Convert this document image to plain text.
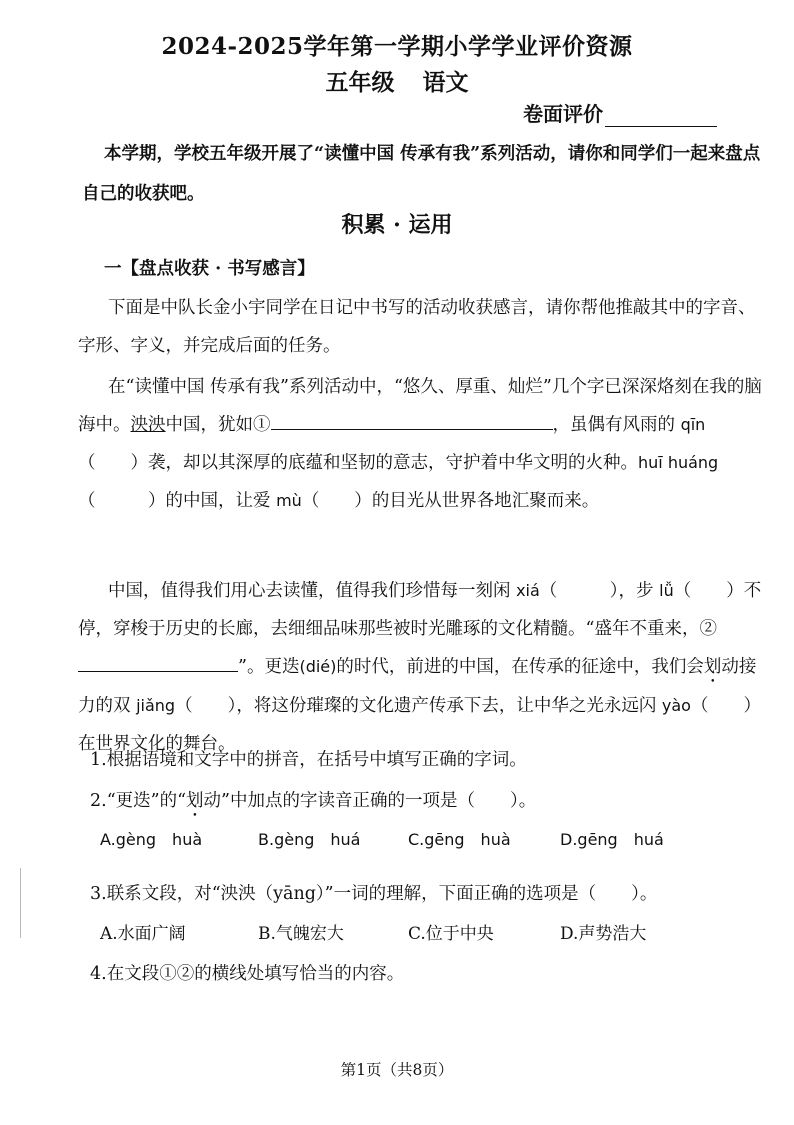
2024-2025学年第一学期小学学业评价资源
五年级 语文
卷面评价
本学期，学校五年级开展了“读懂中国 传承有我”系列活动，请你和同学们一起来盘点自己的收获吧。
积累 · 运用
一【盘点收获 · 书写感言】
下面是中队长金小宇同学在日记中书写的活动收获感言，请你帮他推敲其中的字音、字形、字义，并完成后面的任务。
在“读懂中国 传承有我”系列活动中，“悠久、厚重、灿烂”几个字已深深烙刻在我的脑海中。泱泱中国，犹如①	，虽偶有风雨的 qīn（　　）袭，却以其深厚的底蕴和坚韧的意志，守护着中华文明的火种。huī huáng（　　　）的中国，让爱 mù（　　）的目光从世界各地汇聚而来。
中国，值得我们用心去读懂，值得我们珍惜每一刻闲 xiá（　　　），步 lǚ（　　）不停，穿梭于历史的长廊，去细细品味那些被时光雕琢的文化精髓。“盛年不重来，②”。更迭(dié)的时代，前进的中国，在传承的征途中，我们会划动接力的双 jiǎng（　　），将这份璀璨的文化遗产传承下去，让中华之光永远闪 yào（　　）在世界文化的舞台。
1.根据语境和文字中的拼音，在括号中填写正确的字词。
2.“更迭”的“划动”中加点的字读音正确的一项是（　　）。
A.gèng　huà	B.gèng　huá	C.gēng　huà	D.gēng　huá
3.联系文段，对“泱泱（yāng）”一词的理解，下面正确的选项是（　　）。
A.水面广阔	B.气魄宏大	C.位于中央	D.声势浩大
4.在文段①②的横线处填写恰当的内容。
第1页（共8页）
